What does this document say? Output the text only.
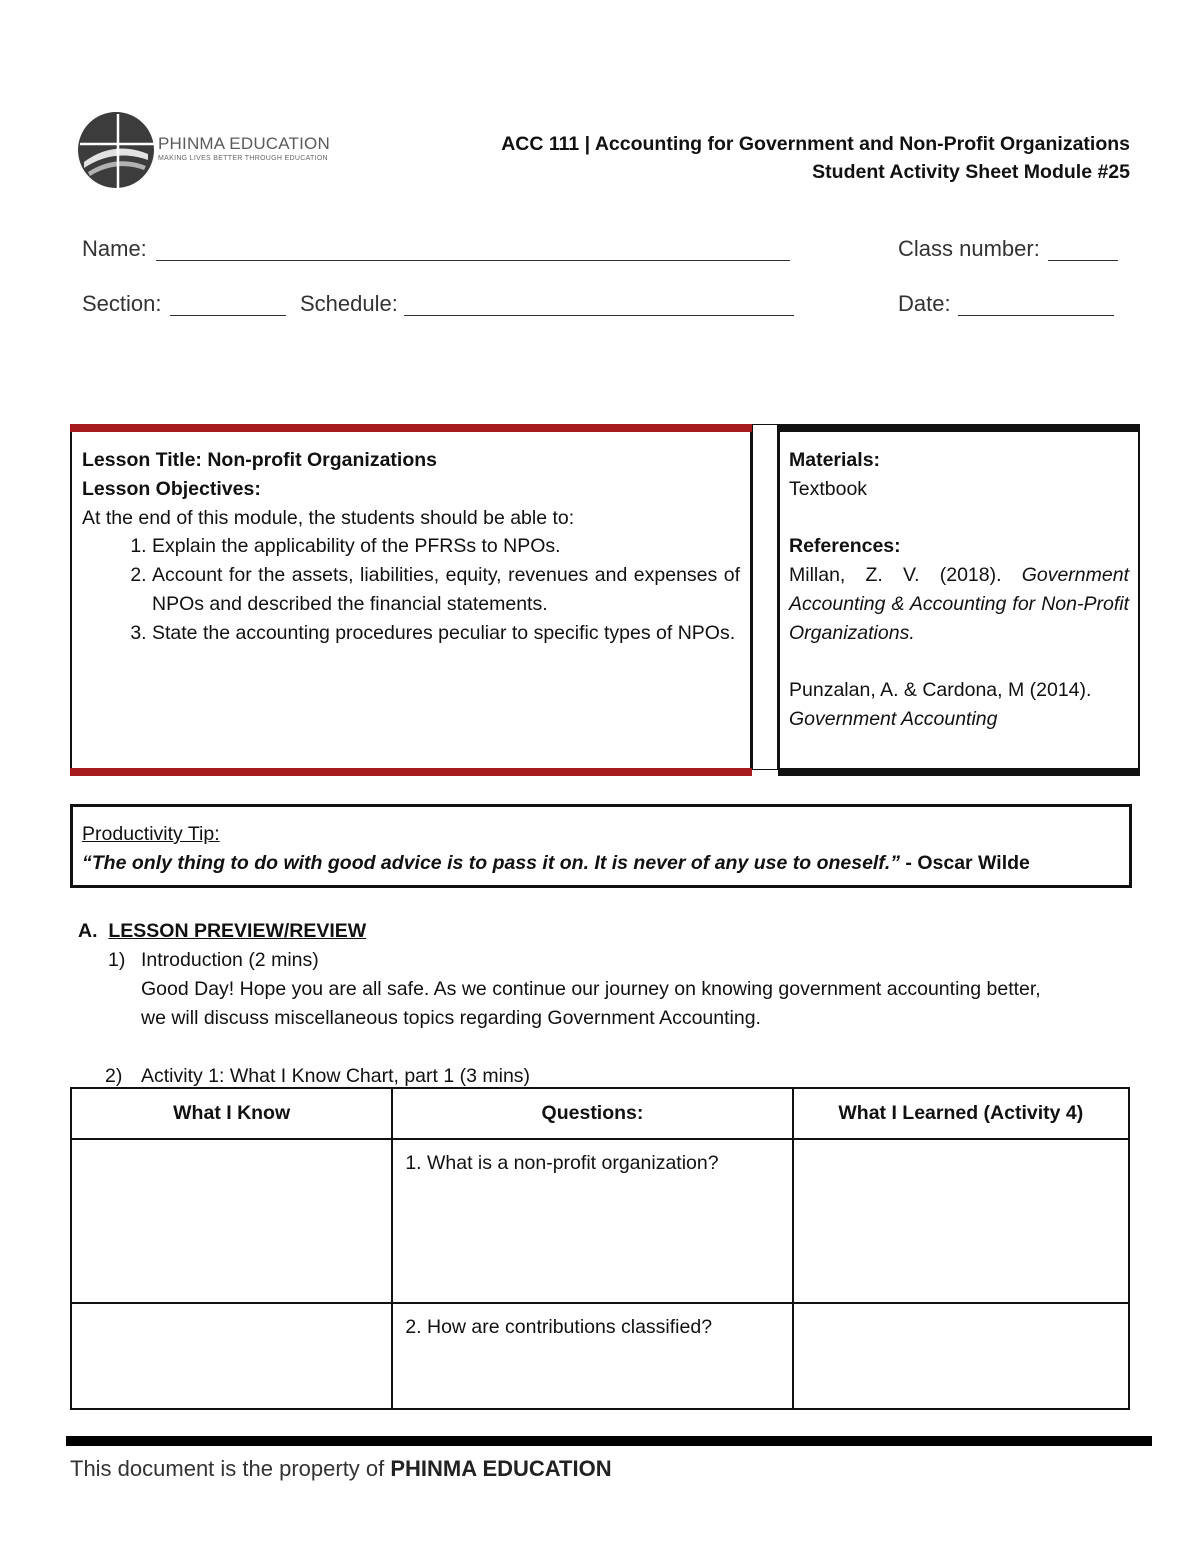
PHINMA EDUCATION
MAKING LIVES BETTER THROUGH EDUCATION
ACC 111 | Accounting for Government and Non-Profit Organizations
Student Activity Sheet Module #25
Name:	Class number:
Section:	Schedule:	Date:
Lesson Title: Non-profit Organizations
Lesson Objectives:
At the end of this module, the students should be able to:
1. Explain the applicability of the PFRSs to NPOs.
2. Account for the assets, liabilities, equity, revenues and expenses of NPOs and described the financial statements.
3. State the accounting procedures peculiar to specific types of NPOs.
Materials:
Textbook
References:
Millan, Z. V. (2018). Government Accounting & Accounting for Non-Profit Organizations.
Punzalan, A. & Cardona, M (2014).
Government Accounting
Productivity Tip:
“The only thing to do with good advice is to pass it on. It is never of any use to oneself.” - Oscar Wilde
A. LESSON PREVIEW/REVIEW
1) Introduction (2 mins)
Good Day! Hope you are all safe. As we continue our journey on knowing government accounting better,
we will discuss miscellaneous topics regarding Government Accounting.
2) Activity 1: What I Know Chart, part 1 (3 mins)
What I Know	Questions:	What I Learned (Activity 4)
	1. What is a non-profit organization?	
	2. How are contributions classified?	
This document is the property of PHINMA EDUCATION
